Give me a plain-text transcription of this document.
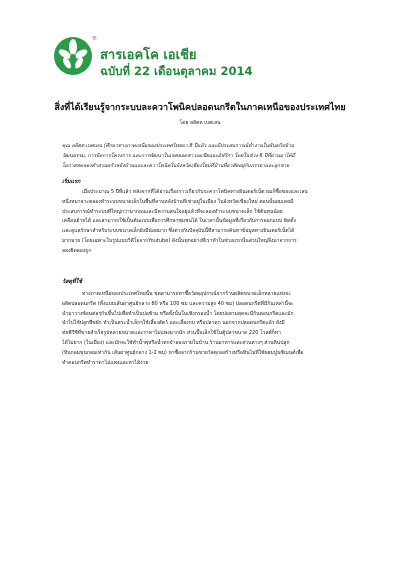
®
สารเอคโค เอเชีย
ฉบับที่ 22 เดือนตุลาคม 2014
สิ่งที่ได้เรียนรู้จากระบบละควาโพนิคปลอดนกรีตในภาคเหนือของประเทศไทย
โดย ลลิตต เบศเลน
คุณ ลลิตต เบศเลน (ศึกษาทางภาคเหนือของประเทศไทยมา 8 ปีแล้ว และมีประสบการณ์ทำงานในพันธกิจข้าม
วัฒนธรรม, การจัดการโครงการ และการพัฒนาในเขตยอดชาวเอเชียและอัฟริกา โดยในช่วง 6 ปีที่ผ่านมาได้มี
โอกาสทดลองทำสวนครัวหลังบ้านและละควาโพนิคในจังหวัดเชียงใหม่ที่บ้านที่อาศัยอยู่กับภรรยาและลูกชาย
เริ่มแรก
เมื่อประมาณ 5 ปีที่แล้ว หลังจากที่ได้อ่านเรื่องราวเกี่ยวกับระควาโพนิคทางอินเตอร์เน็ต ผมก็ซื้อของและเลน
หนึ่งหมาจาะตลองทำระบบขนาดเล็กในพื้นที่ลานหลังบ้านที่เช่าอยู่ในเมือง ในจังหวัดเชียงใหม่ ตอนนั้นผมเคยมี
ประสบการณ์ทำระบบที่ใหญ่กว่ามาก่อนและมีความสนใจอยู่แล้วที่จะลองทำระบบขนาดเล็ก ใช้ต้นทุนน้อย
เคลื่อนย้ายได้ และสามารถใช้เป็นต้นแบบเพื่อการศึกษาชุมชนได้ ในเวลานั้นข้อมูลที่เกี่ยวกับการออกแบบ ติดตั้ง
และดูแลรักษาสำหรับระบบขนาดเล็กยังมีน้อยมาก ซึ่งต่างกับปัจจุบันนี้ที่สามารถค้นหาข้อมูลทางอินเตอร์เน็ตได้
มากมาย (โดยเฉพาะในรูปแบบวิดีโอจากYoutube) ดังนั้นทุกอย่างที่เราทำในช่วงแรกนั้นส่วนใหญ่จึงมาจากการ
ลองผิดลองถูก
วัสดุที่ใช้
ทางภาคเหนือของประเทศไทยนั้น ชุดสามารถหาซื้อวัสดุอุปกรณ์จากร้านผลิตขนาดเล็กหลายแห่งจะ
ผลิตปลอดนกรีต (ทั้งแบบเส้นผ่าศูนย์กลาง 80 หรือ 100 ซม และความสูง 40 ซม) ปลอดนกรีตที่มีก้นเหล่านี้จะ
นำมาวางซ้อนต่อๆกันขึ้นไปเพื่อทำเป็นปอซ้วม หรือทั้งนั้นในเชิงกรองน้ำ โดยปอสวมสุดจะมีก้นคอนกรีตและมัก
นำไปใช้ปลูกพืชผัก ทำเป็นสระน้ำเล็กๆใช้เลี้ยงสัตว์ และเลี้ยงกบ หรือปลาดุก นอกจากปลอดนกรีตแล้ว ยังมี
ท่อพีวีซีที่ขายสำเร็จรูปหลายขนาดและราคาไม่แพงมากนัก ส่วนปั๊มเล็กใช้ในตู้ปลาขนาด 220 โวลต์ก็หา
ได้ไม่ยาก (ในเมือง) และมักจะใช้ทำน้ำพุหรือน้ำตกจำลองภายในบ้าน ร้านอาหารและสวนต่างๆ ส่วนหินปลูก
(หินกลมขุนกลมเท่ากัน เส้นผ่าศูนย์กลาง 1-2 ซม) หาซื้อจากร้านขายวัสดุก่อสร้างหรือหินไม่ที่ใช้ผสมปูนซีเมนต์เพื่อ
ทำคอนกรีตทำราคาไม่แพงและหาได้ง่าย
